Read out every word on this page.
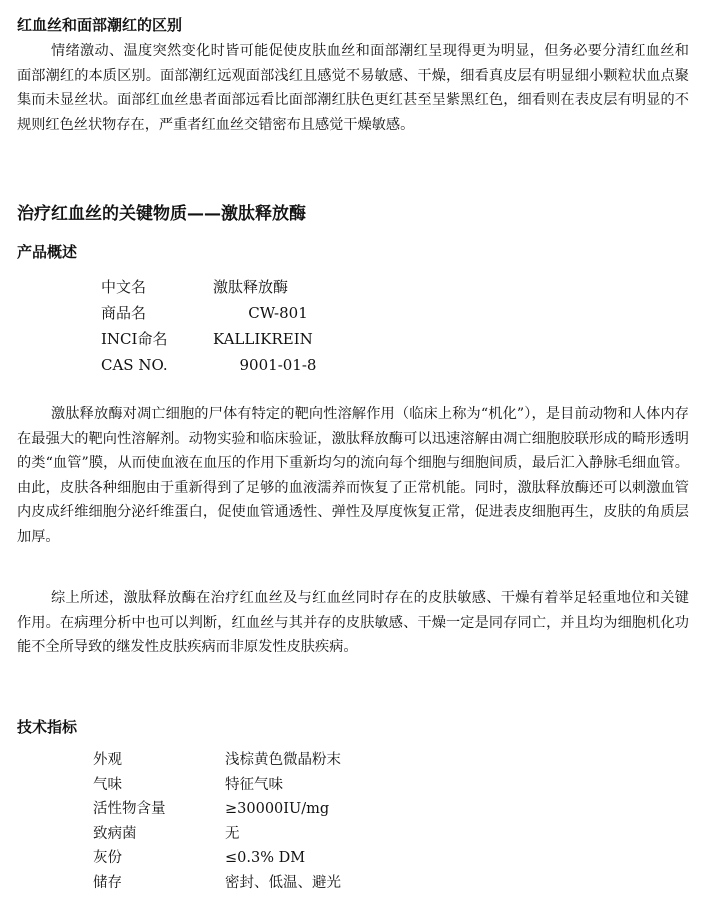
红血丝和面部潮红的区别

情绪激动、温度突然变化时皆可能促使皮肤血丝和面部潮红呈现得更为明显，但务必要分清红血丝和面部潮红的本质区别。面部潮红远观面部浅红且感觉不易敏感、干燥，细看真皮层有明显细小颗粒状血点聚集而未显丝状。面部红血丝患者面部远看比面部潮红肤色更红甚至呈紫黑红色，细看则在表皮层有明显的不规则红色丝状物存在，严重者红血丝交错密布且感觉干燥敏感。

治疗红血丝的关键物质——激肽释放酶
产品概述
中文名	激肽释放酶
商品名	CW-801
INCI命名	KALLIKREIN
CAS NO.	9001-01-8

激肽释放酶对凋亡细胞的尸体有特定的靶向性溶解作用（临床上称为“机化”），是目前动物和人体内存在最强大的靶向性溶解剂。动物实验和临床验证，激肽释放酶可以迅速溶解由凋亡细胞胶联形成的畸形透明的类“血管”膜，从而使血液在血压的作用下重新均匀的流向每个细胞与细胞间质，最后汇入静脉毛细血管。由此，皮肤各种细胞由于重新得到了足够的血液濡养而恢复了正常机能。同时，激肽释放酶还可以刺激血管内皮成纤维细胞分泌纤维蛋白，促使血管通透性、弹性及厚度恢复正常，促进表皮细胞再生，皮肤的角质层加厚。

综上所述，激肽释放酶在治疗红血丝及与红血丝同时存在的皮肤敏感、干燥有着举足轻重地位和关键作用。在病理分析中也可以判断，红血丝与其并存的皮肤敏感、干燥一定是同存同亡，并且均为细胞机化功能不全所导致的继发性皮肤疾病而非原发性皮肤疾病。

技术指标
外观	浅棕黄色微晶粉末
气味	特征气味
活性物含量	≥30000IU/mg
致病菌	无
灰份	≤0.3% DM
储存	密封、低温、避光
